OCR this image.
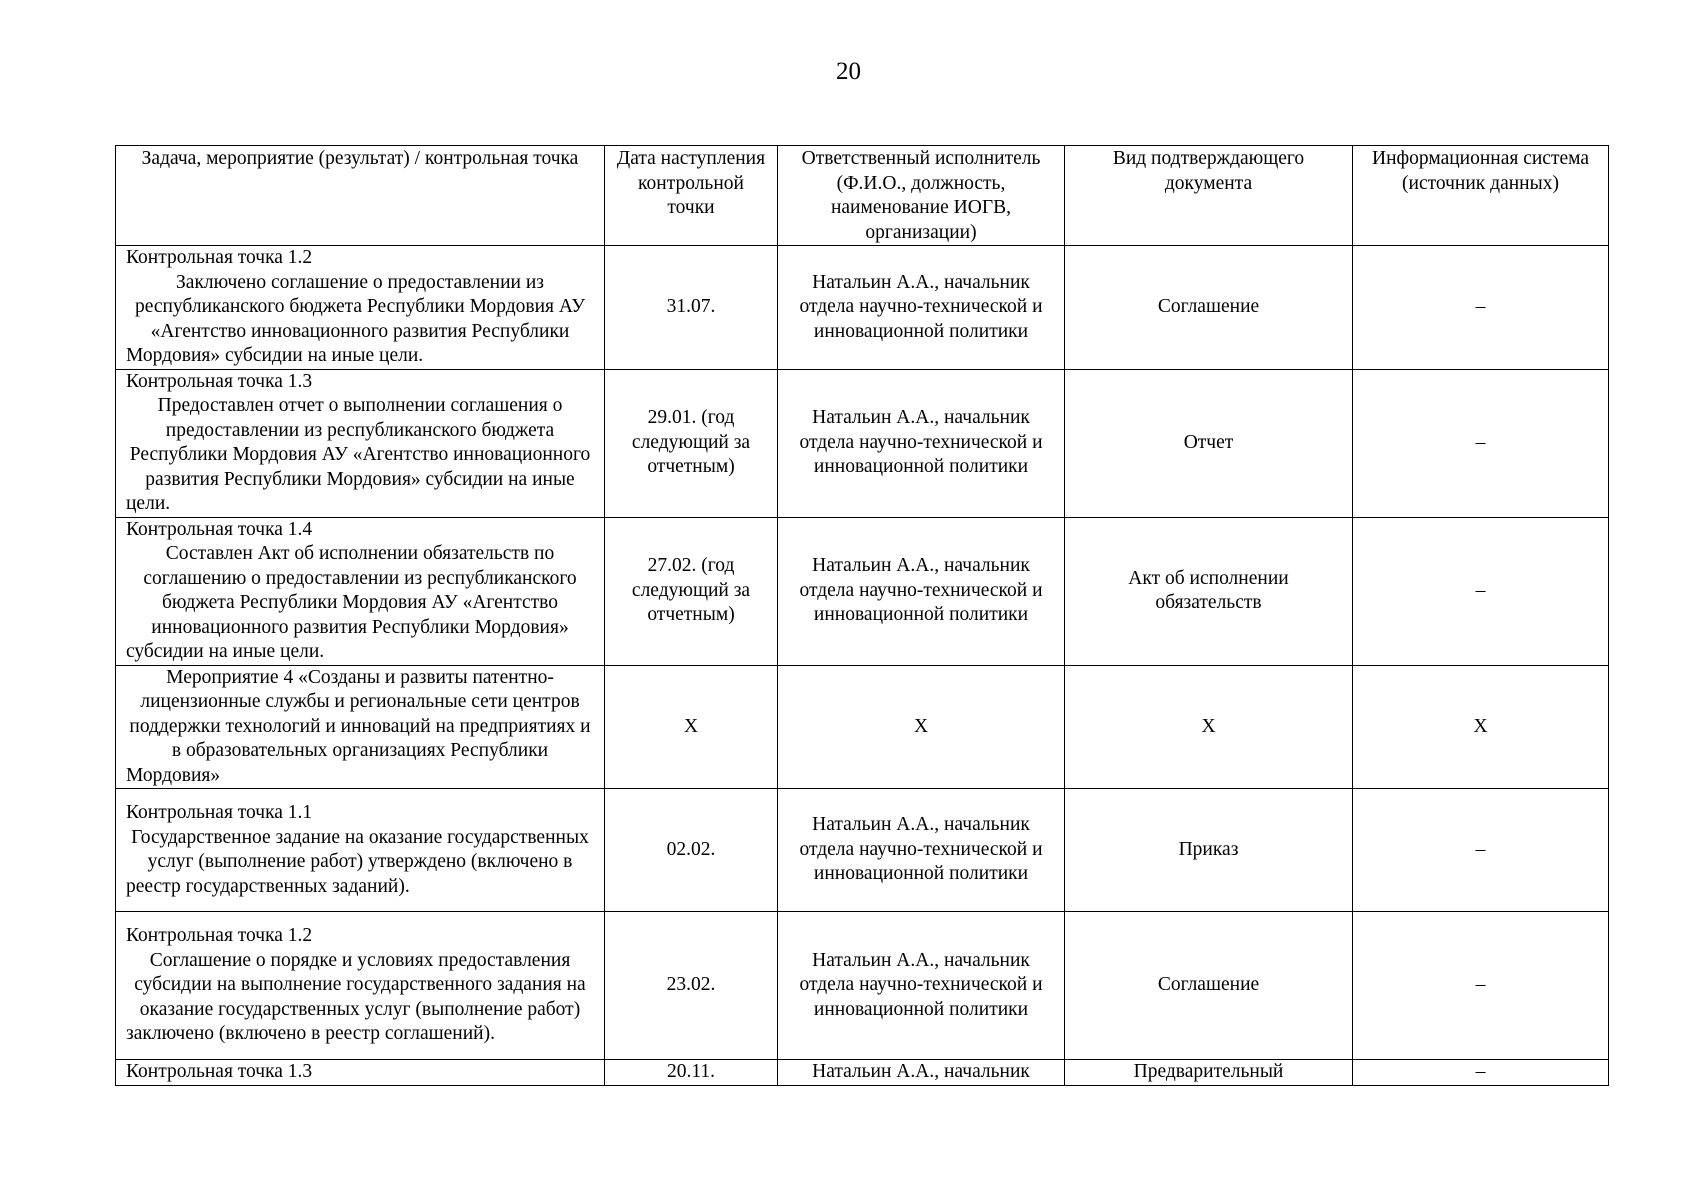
20
Задача, мероприятие (результат) / контрольная точка	Дата наступления контрольной точки	Ответственный исполнитель (Ф.И.О., должность, наименование ИОГВ, организации)	Вид подтверждающего документа	Информационная система (источник данных)

Контрольная точка 1.2
Заключено соглашение о предоставлении из республиканского бюджета Республики Мордовия АУ «Агентство инновационного развития Республики Мордовия» субсидии на иные цели.	31.07.	Натальин А.А., начальник отдела научно-технической и инновационной политики	Соглашение	–

Контрольная точка 1.3
Предоставлен отчет о выполнении соглашения о предоставлении из республиканского бюджета Республики Мордовия АУ «Агентство инновационного развития Республики Мордовия» субсидии на иные цели.	29.01. (год следующий за отчетным)	Натальин А.А., начальник отдела научно-технической и инновационной политики	Отчет	–

Контрольная точка 1.4
Составлен Акт об исполнении обязательств по соглашению о предоставлении из республиканского бюджета Республики Мордовия АУ «Агентство инновационного развития Республики Мордовия» субсидии на иные цели.	27.02. (год следующий за отчетным)	Натальин А.А., начальник отдела научно-технической и инновационной политики	Акт об исполнении обязательств	–

Мероприятие 4 «Созданы и развиты патентно-лицензионные службы и региональные сети центров поддержки технологий и инноваций на предприятиях и в образовательных организациях Республики Мордовия»	Х	Х	Х	Х

Контрольная точка 1.1
Государственное задание на оказание государственных услуг (выполнение работ) утверждено (включено в реестр государственных заданий).	02.02.	Натальин А.А., начальник отдела научно-технической и инновационной политики	Приказ	–

Контрольная точка 1.2
Соглашение о порядке и условиях предоставления субсидии на выполнение государственного задания на оказание государственных услуг (выполнение работ) заключено (включено в реестр соглашений).	23.02.	Натальин А.А., начальник отдела научно-технической и инновационной политики	Соглашение	–

Контрольная точка 1.3	20.11.	Натальин А.А., начальник	Предварительный	–
